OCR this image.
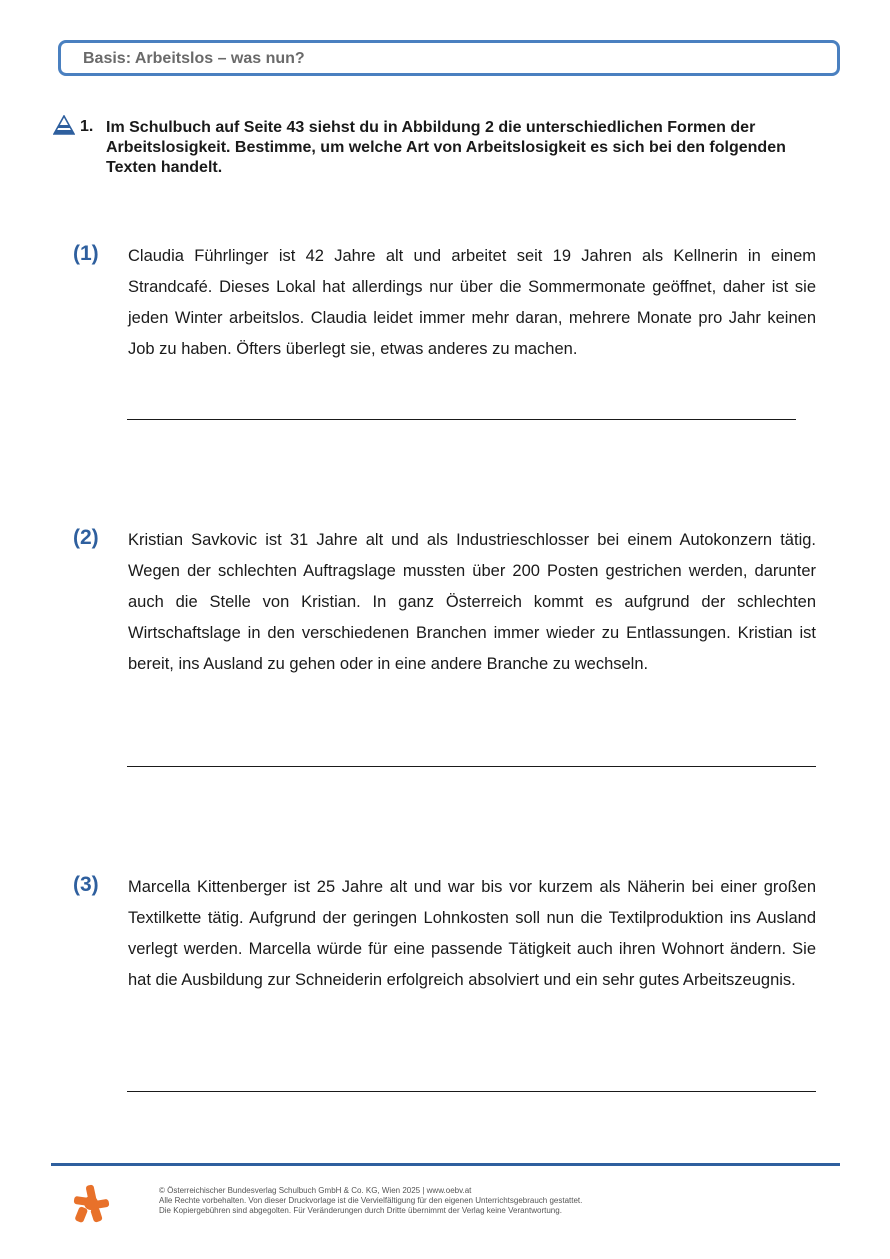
Basis: Arbeitslos – was nun?
1. Im Schulbuch auf Seite 43 siehst du in Abbildung 2 die unterschiedlichen Formen der Arbeitslosigkeit. Bestimme, um welche Art von Arbeitslosigkeit es sich bei den folgenden Texten handelt.
(1) Claudia Führlinger ist 42 Jahre alt und arbeitet seit 19 Jahren als Kellnerin in einem Strandcafé. Dieses Lokal hat allerdings nur über die Sommermonate geöffnet, daher ist sie jeden Winter arbeitslos. Claudia leidet immer mehr daran, mehrere Monate pro Jahr keinen Job zu haben. Öfters überlegt sie, etwas anderes zu machen.
(2) Kristian Savkovic ist 31 Jahre alt und als Industrieschlosser bei einem Autokonzern tätig. Wegen der schlechten Auftragslage mussten über 200 Posten gestrichen werden, darunter auch die Stelle von Kristian. In ganz Österreich kommt es aufgrund der schlechten Wirtschaftslage in den verschiedenen Branchen immer wieder zu Entlassungen. Kristian ist bereit, ins Ausland zu gehen oder in eine andere Branche zu wechseln.
(3) Marcella Kittenberger ist 25 Jahre alt und war bis vor kurzem als Näherin bei einer großen Textilkette tätig. Aufgrund der geringen Lohnkosten soll nun die Textilproduktion ins Ausland verlegt werden. Marcella würde für eine passende Tätigkeit auch ihren Wohnort ändern. Sie hat die Ausbildung zur Schneiderin erfolgreich absolviert und ein sehr gutes Arbeitszeugnis.
© Österreichischer Bundesverlag Schulbuch GmbH & Co. KG, Wien 2025 | www.oebv.at
Alle Rechte vorbehalten. Von dieser Druckvorlage ist die Vervielfältigung für den eigenen Unterrichtsgebrauch gestattet.
Die Kopiergebühren sind abgegolten. Für Veränderungen durch Dritte übernimmt der Verlag keine Verantwortung.
